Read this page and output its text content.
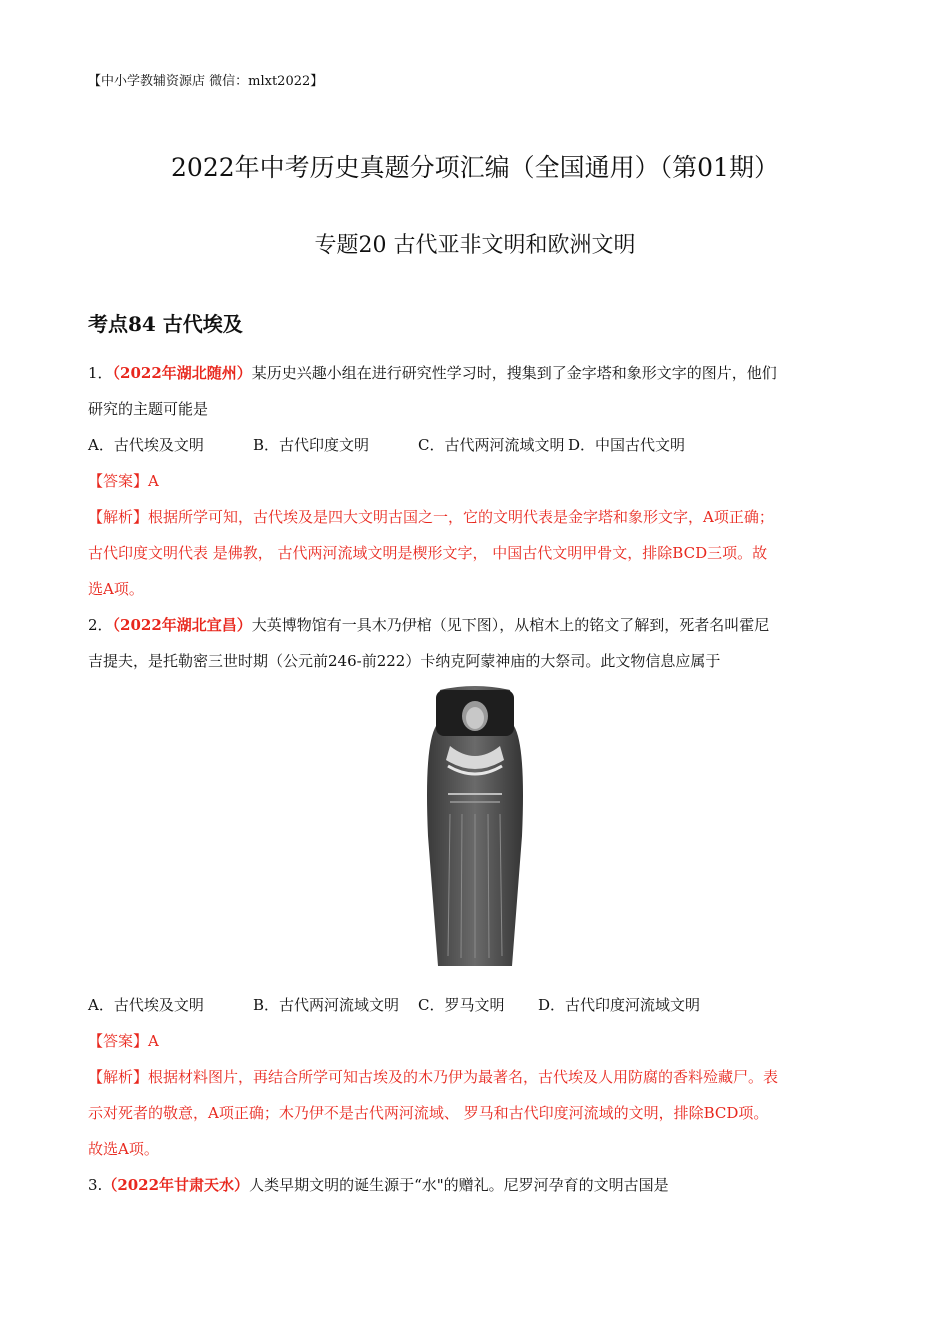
【中小学教辅资源店 微信：mlxt2022】
2022年中考历史真题分项汇编（全国通用）（第01期）
专题20 古代亚非文明和欧洲文明
考点84 古代埃及
1．（2022年湖北随州）某历史兴趣小组在进行研究性学习时，搜集到了金字塔和象形文字的图片，他们
研究的主题可能是
A．古代埃及文明	B．古代印度文明	C．古代两河流域文明 D．中国古代文明
【答案】A
【解析】根据所学可知，古代埃及是四大文明古国之一，它的文明代表是金字塔和象形文字，A项正确；
古代印度文明代表 是佛教， 古代两河流域文明是楔形文字， 中国古代文明甲骨文，排除BCD三项。故
选A项。
2．（2022年湖北宜昌）大英博物馆有一具木乃伊棺（见下图），从棺木上的铭文了解到，死者名叫霍尼
吉提夫，是托勒密三世时期（公元前246-前222）卡纳克阿蒙神庙的大祭司。此文物信息应属于
A．古代埃及文明	B．古代两河流域文明 C．罗马文明 D．古代印度河流域文明
【答案】A
【解析】根据材料图片，再结合所学可知古埃及的木乃伊为最著名，古代埃及人用防腐的香料殓藏尸。表
示对死者的敬意，A项正确；木乃伊不是古代两河流域、 罗马和古代印度河流域的文明，排除BCD项。
故选A项。
3.（2022年甘肃天水）人类早期文明的诞生源于“水"的赠礼。尼罗河孕育的文明古国是
